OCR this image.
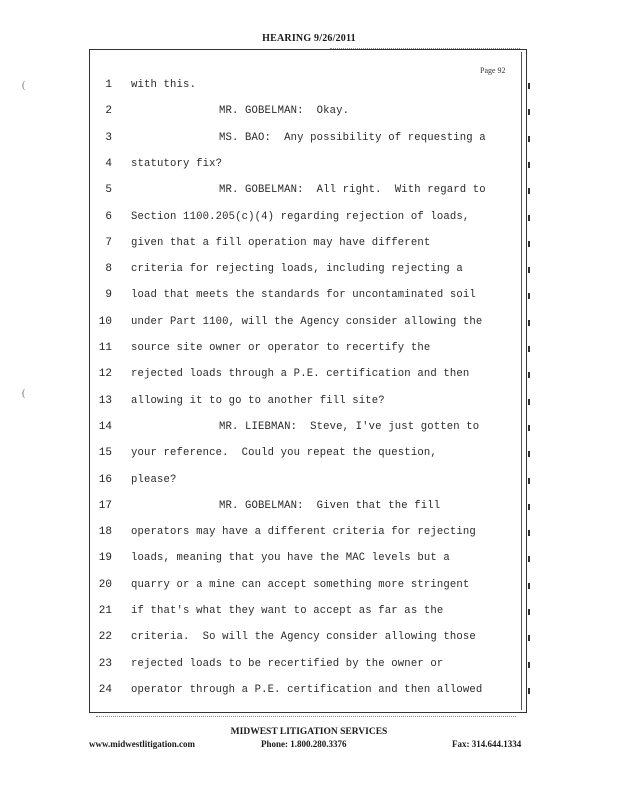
HEARING 9/26/2011
Page 92
(
(
1 with this.
2	MR. GOBELMAN:  Okay.
3	MS. BAO:  Any possibility of requesting a
4 statutory fix?
5	MR. GOBELMAN:  All right.  With regard to
6 Section 1100.205(c)(4) regarding rejection of loads,
7 given that a fill operation may have different
8 criteria for rejecting loads, including rejecting a
9 load that meets the standards for uncontaminated soil
10 under Part 1100, will the Agency consider allowing the
11 source site owner or operator to recertify the
12 rejected loads through a P.E. certification and then
13 allowing it to go to another fill site?
14	MR. LIEBMAN:  Steve, I've just gotten to
15 your reference.  Could you repeat the question,
16 please?
17	MR. GOBELMAN:  Given that the fill
18 operators may have a different criteria for rejecting
19 loads, meaning that you have the MAC levels but a
20 quarry or a mine can accept something more stringent
21 if that's what they want to accept as far as the
22 criteria.  So will the Agency consider allowing those
23 rejected loads to be recertified by the owner or
24 operator through a P.E. certification and then allowed
MIDWEST LITIGATION SERVICES
www.midwestlitigation.com	Phone: 1.800.280.3376	Fax: 314.644.1334
